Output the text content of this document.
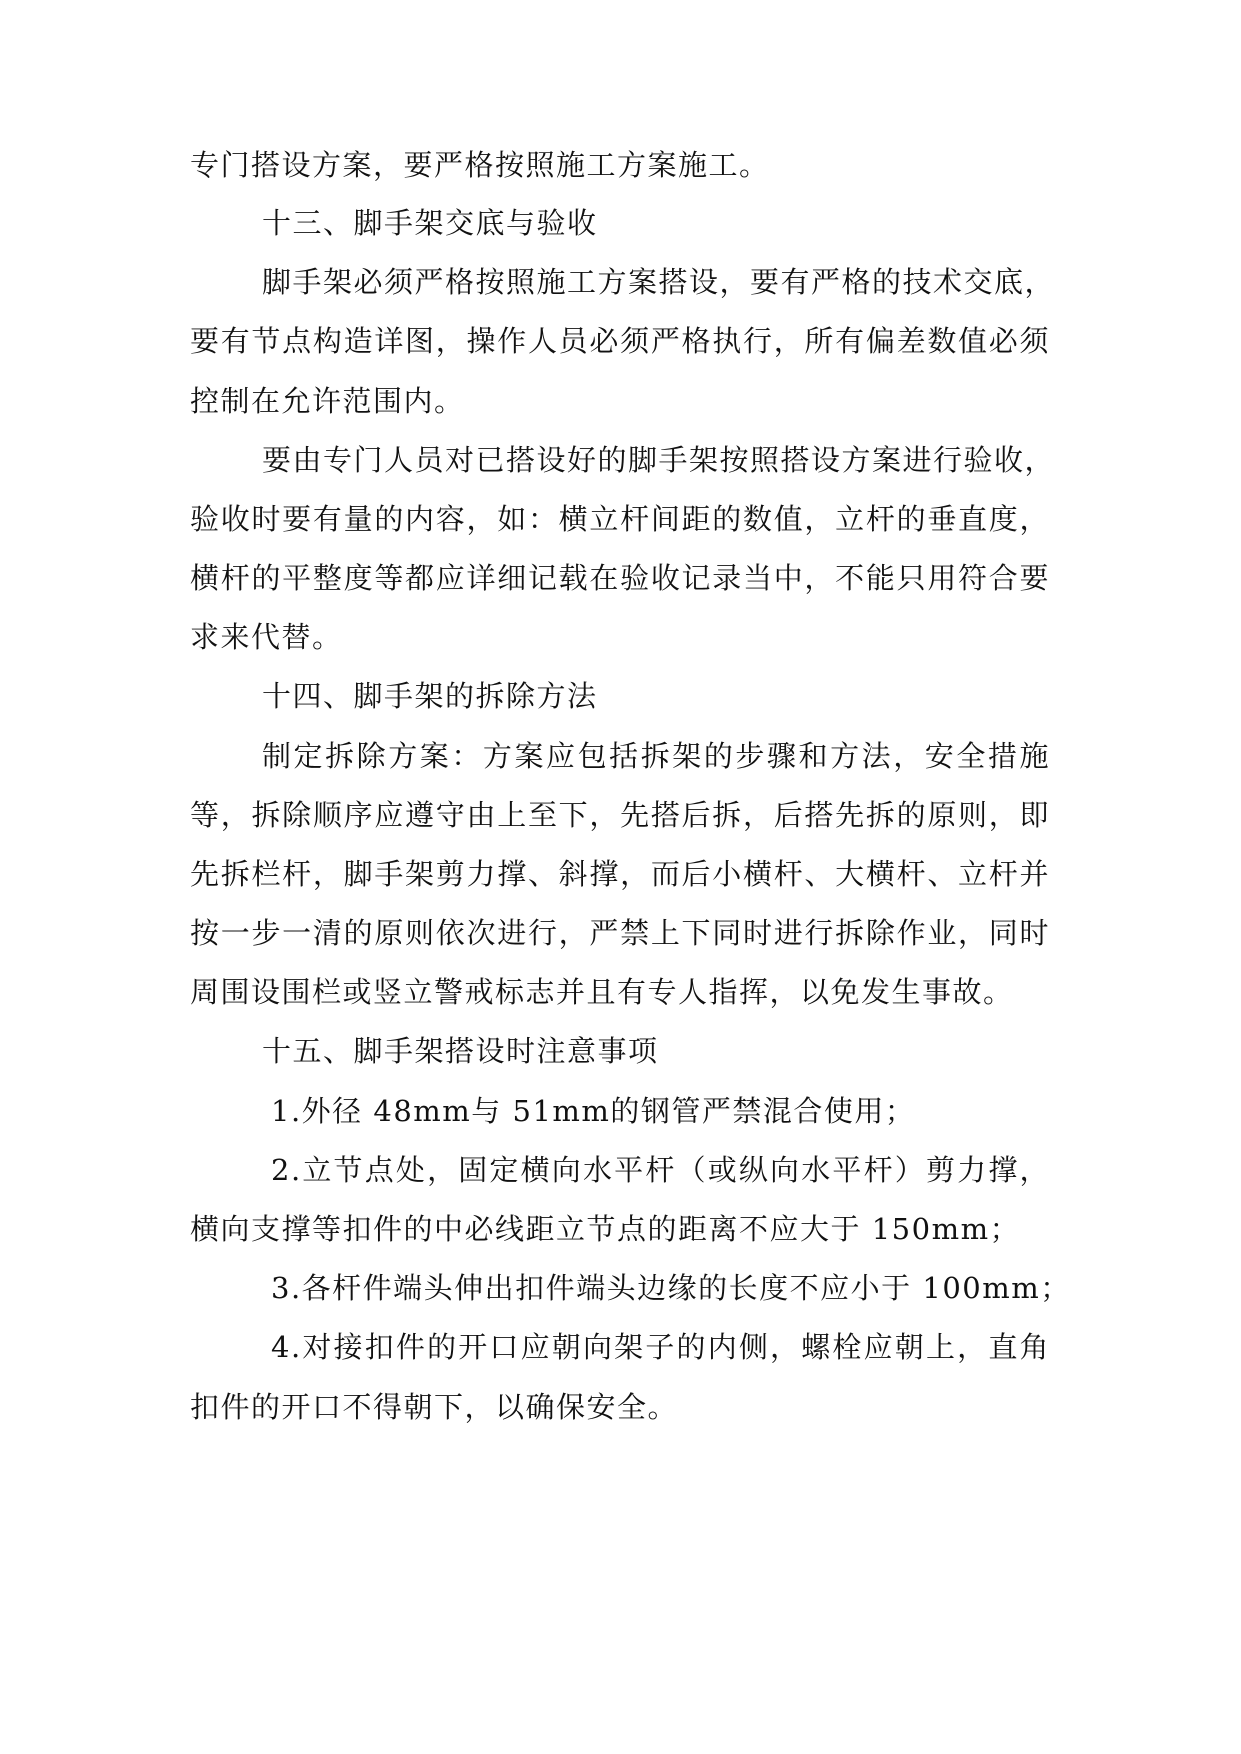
专门搭设方案，要严格按照施工方案施工。
十三、脚手架交底与验收
脚手架必须严格按照施工方案搭设，要有严格的技术交底，
要有节点构造详图，操作人员必须严格执行，所有偏差数值必须
控制在允许范围内。
要由专门人员对已搭设好的脚手架按照搭设方案进行验收，
验收时要有量的内容，如：横立杆间距的数值，立杆的垂直度，
横杆的平整度等都应详细记载在验收记录当中，不能只用符合要
求来代替。
十四、脚手架的拆除方法
制定拆除方案：方案应包括拆架的步骤和方法，安全措施
等，拆除顺序应遵守由上至下，先搭后拆，后搭先拆的原则，即
先拆栏杆，脚手架剪力撑、斜撑，而后小横杆、大横杆、立杆并
按一步一清的原则依次进行，严禁上下同时进行拆除作业，同时
周围设围栏或竖立警戒标志并且有专人指挥，以免发生事故。
十五、脚手架搭设时注意事项
1.外径 48mm与 51mm的钢管严禁混合使用；
2.立节点处，固定横向水平杆（或纵向水平杆）剪力撑，
横向支撑等扣件的中必线距立节点的距离不应大于 150mm；
3.各杆件端头伸出扣件端头边缘的长度不应小于 100mm；
4.对接扣件的开口应朝向架子的内侧，螺栓应朝上，直角
扣件的开口不得朝下，以确保安全。
